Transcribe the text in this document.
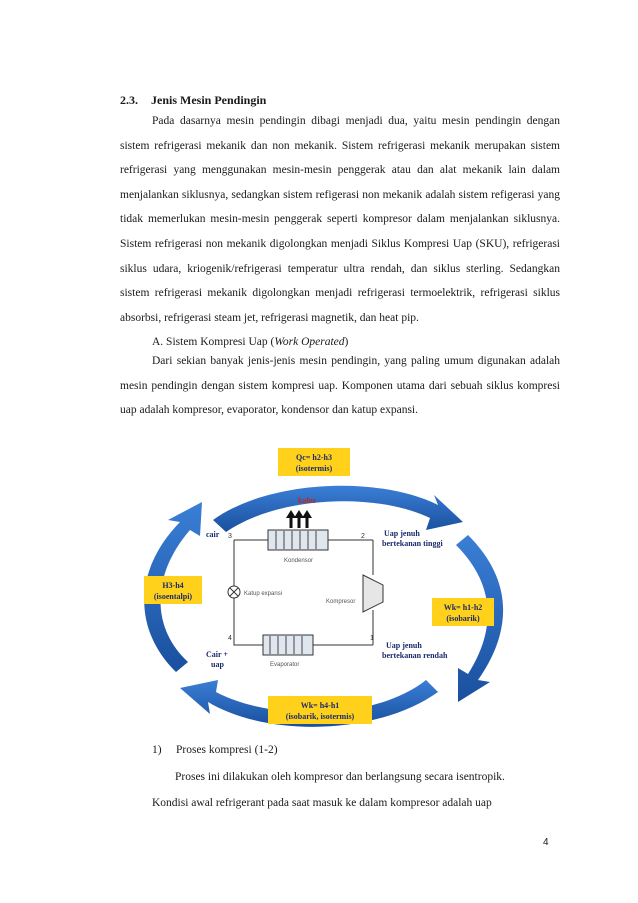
2.3. Jenis Mesin Pendingin

Pada dasarnya mesin pendingin dibagi menjadi dua, yaitu mesin pendingin dengan sistem refrigerasi mekanik dan non mekanik. Sistem refrigerasi mekanik merupakan sistem refrigerasi yang menggunakan mesin-mesin penggerak atau dan alat mekanik lain dalam menjalankan siklusnya, sedangkan sistem refigerasi non mekanik adalah sistem refigerasi yang tidak memerlukan mesin-mesin penggerak seperti kompresor dalam menjalankan siklusnya. Sistem refrigerasi non mekanik digolongkan menjadi Siklus Kompresi Uap (SKU), refrigerasi siklus udara, kriogenik/refrigerasi temperatur ultra rendah, dan siklus sterling. Sedangkan sistem refrigerasi mekanik digolongkan menjadi refrigerasi termoelektrik, refrigerasi siklus absorbsi, refrigerasi steam jet, refrigerasi magnetik, dan heat pip.

A. Sistem Kompresi Uap (Work Operated)

Dari sekian banyak jenis-jenis mesin pendingin, yang paling umum digunakan adalah mesin pendingin dengan sistem kompresi uap. Komponen utama dari sebuah siklus kompresi uap adalah kompresor, evaporator, kondensor dan katup expansi.

3	2
4	1
Kondensor
Kompresor
Katup expansi
Evaporator
Qc= h2-h3
(isotermis)
H3-h4
(isoentalpi)
Wk= h1-h2
(isobarik)
Wk= h4-h1
(isobarik, isotermis)
kalor
cair	Uap jenuh
bertekanan tinggi
Cair +
uap
Uap jenuh
bertekanan rendah
1) Proses kompresi (1-2)
Proses ini dilakukan oleh kompresor dan berlangsung secara isentropik.
Kondisi awal refrigerant pada saat masuk ke dalam kompresor adalah uap
4
